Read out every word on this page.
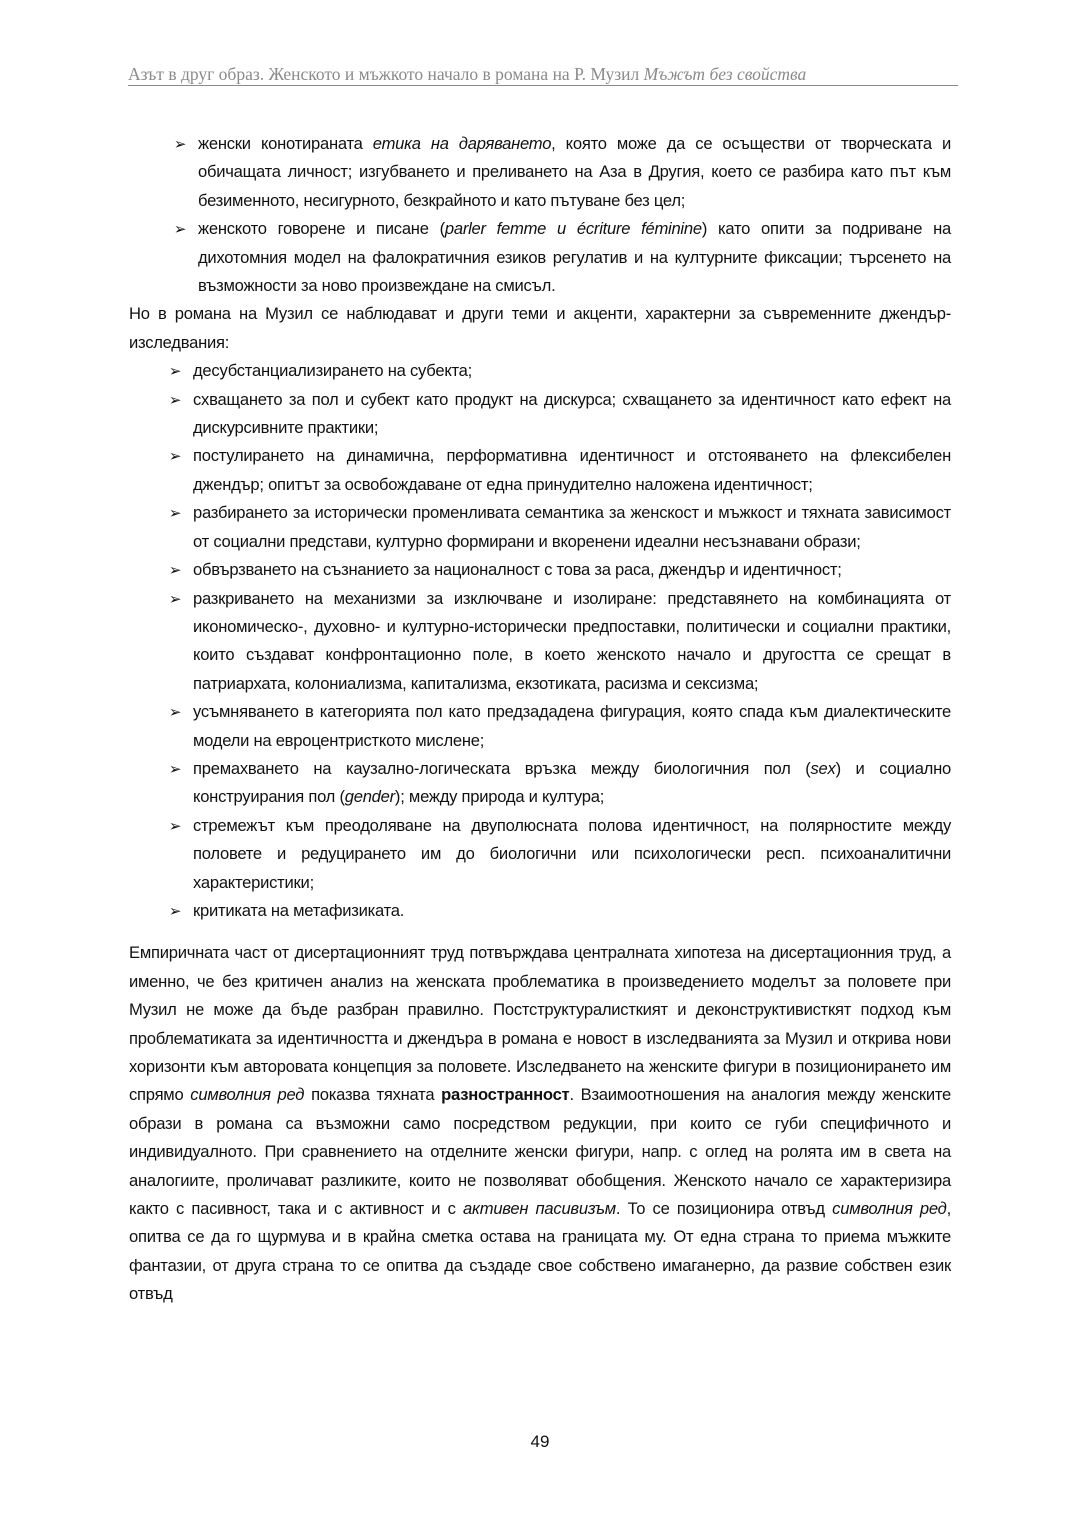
Азът в друг образ. Женското и мъжкото начало в романа на Р. Музил Мъжът без свойства
➢ женски конотираната етика на даряването, която може да се осъществи от творческата и обичащата личност; изгубването и преливането на Аза в Другия, което се разбира като път към безименното, несигурното, безкрайното и като пътуване без цел;
➢ женското говорене и писане (parler femme и écriture féminine) като опити за подриване на дихотомния модел на фалократичния езиков регулатив и на културните фиксации; търсенето на възможности за ново произвеждане на смисъл.

Но в романа на Музил се наблюдават и други теми и акценти, характерни за съвременните джендър-изследвания:

➢ десубстанциализирането на субекта;
➢ схващането за пол и субект като продукт на дискурса; схващането за идентичност като ефект на дискурсивните практики;
➢ постулирането на динамична, перформативна идентичност и отстояването на флексибелен джендър; опитът за освобождаване от една принудително наложена идентичност;
➢ разбирането за исторически променливата семантика за женскост и мъжкост и тяхната зависимост от социални представи, културно формирани и вкоренени идеални несъзнавани образи;
➢ обвързването на съзнанието за националност с това за раса, джендър и идентичност;
➢ разкриването на механизми за изключване и изолиране: представянето на комбинацията от икономическо-, духовно- и културно-исторически предпоставки, политически и социални практики, които създават конфронтационно поле, в което женското начало и другостта се срещат в патриархата, колониализма, капитализма, екзотиката, расизма и сексизма;
➢ усъмняването в категорията пол като предзададена фигурация, която спада към диалектическите модели на евроцентристкото мислене;
➢ премахването на каузално-логическата връзка между биологичния пол (sex) и социално конструирания пол (gender); между природа и култура;
➢ стремежът към преодоляване на двуполюсната полова идентичност, на полярностите между половете и редуцирането им до биологични или психологически респ. психоаналитични характеристики;
➢ критиката на метафизиката.

Емпиричната част от дисертационният труд потвърждава централната хипотеза на дисертационния труд, а именно, че без критичен анализ на женската проблематика в произведението моделът за половете при Музил не може да бъде разбран правилно. Постструктуралисткият и деконструктивисткят подход към проблематиката за идентичността и джендъра в романа е новост в изследванията за Музил и открива нови хоризонти към авторовата концепция за половете. Изследването на женските фигури в позиционирането им спрямо символния ред показва тяхната разностранност. Взаимоотношения на аналогия между женските образи в романа са възможни само посредством редукции, при които се губи специфичното и индивидуалното. При сравнението на отделните женски фигури, напр. с оглед на ролята им в света на аналогиите, проличават разликите, които не позволяват обобщения. Женското начало се характеризира както с пасивност, така и с активност и с активен пасивизъм. То се позиционира отвъд символния ред, опитва се да го щурмува и в крайна сметка остава на границата му. От една страна то приема мъжките фантазии, от друга страна то се опитва да създаде свое собствено имаганерно, да развие собствен език отвъд

49
